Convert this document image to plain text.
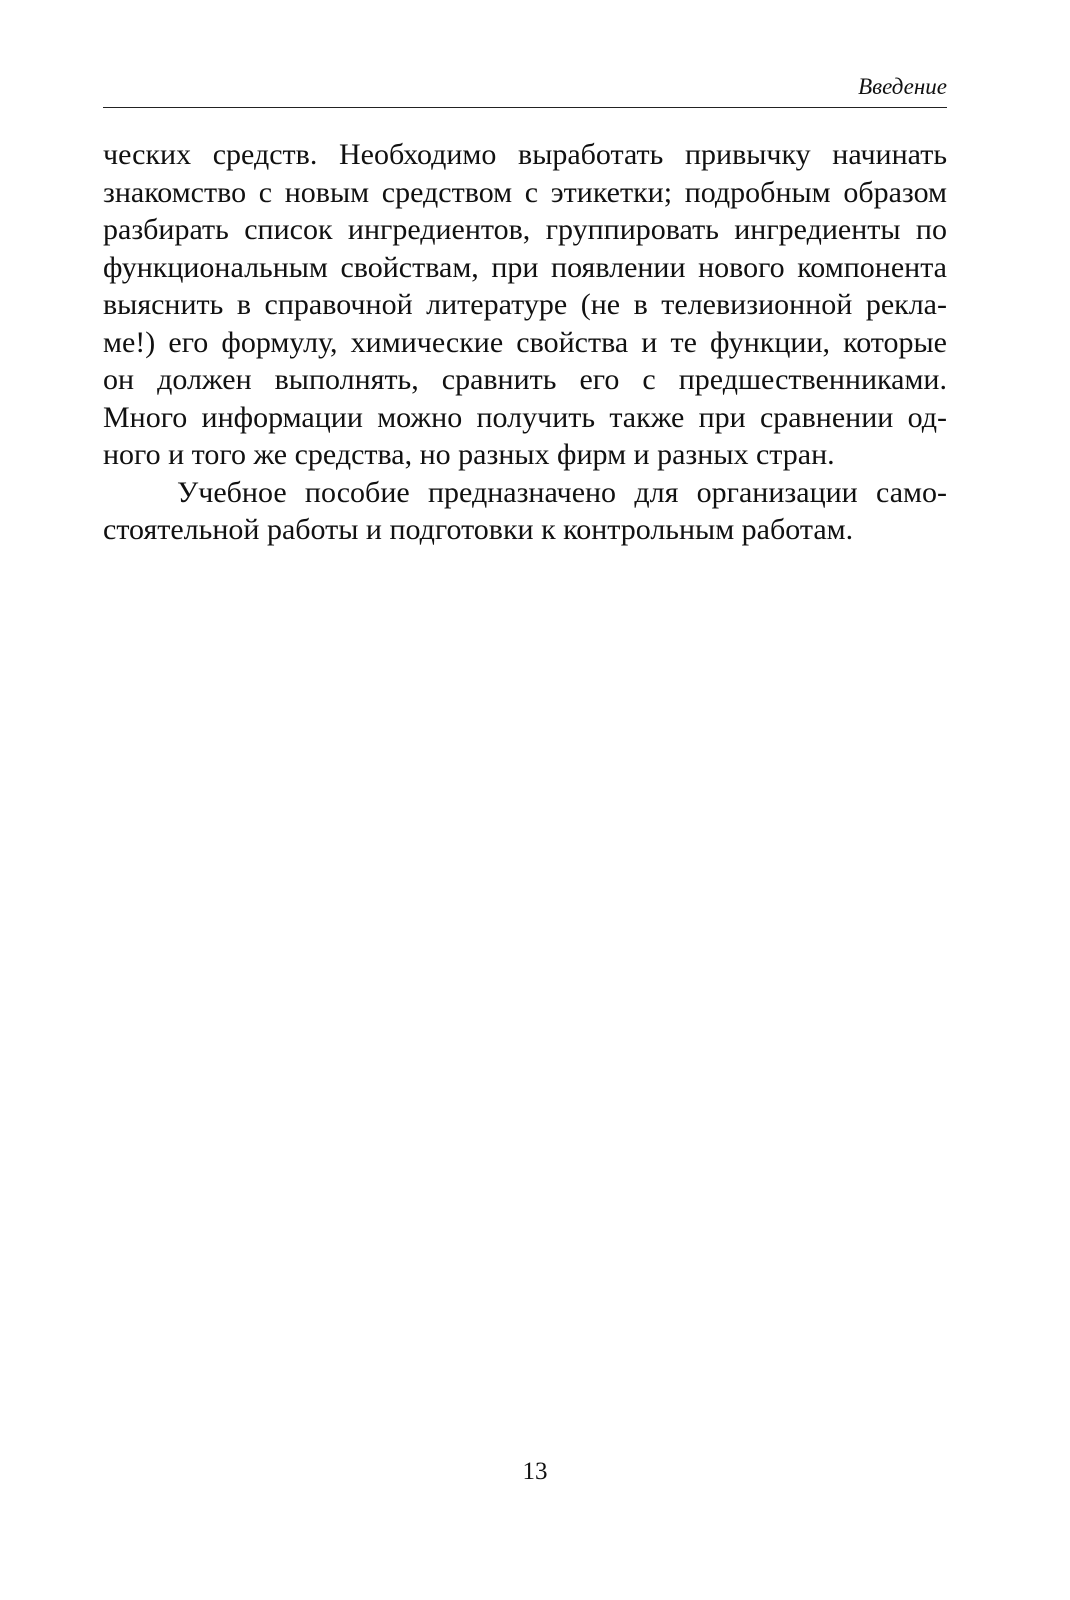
Введение
ческих средств. Необходимо выработать привычку начинать
знакомство с новым средством с этикетки; подробным образом
разбирать список ингредиентов, группировать ингредиенты по
функциональным свойствам, при появлении нового компонента
выяснить в справочной литературе (не в телевизионной рекла-
ме!) его формулу, химические свойства и те функции, которые
он должен выполнять, сравнить его с предшественниками.
Много информации можно получить также при сравнении од-
ного и того же средства, но разных фирм и разных стран.
Учебное пособие предназначено для организации само-
стоятельной работы и подготовки к контрольным работам.
13
